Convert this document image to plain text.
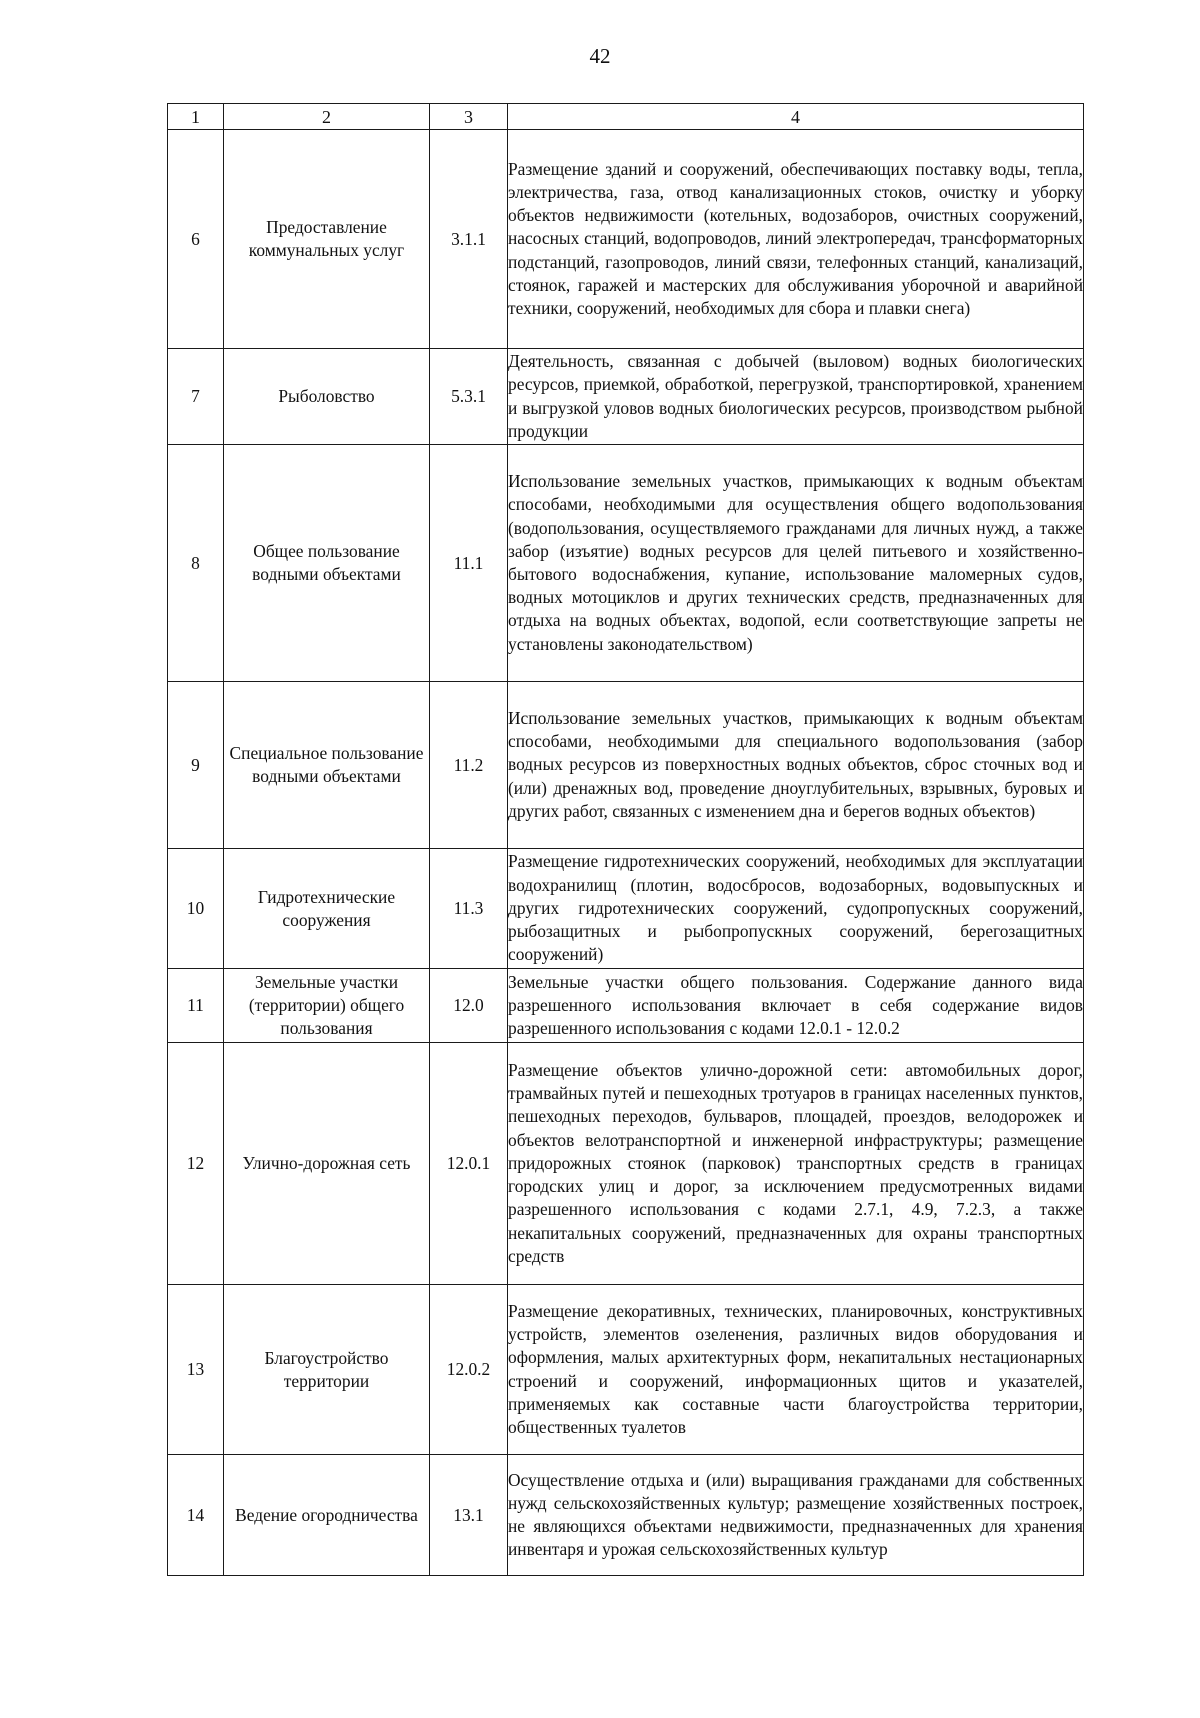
42
1	2	3	4
6	Предоставление коммунальных услуг	3.1.1	Размещение зданий и сооружений, обеспечивающих поставку воды, тепла, электричества, газа, отвод канализационных стоков, очистку и уборку объектов недвижимости (котельных, водозаборов, очистных сооружений, насосных станций, водопроводов, линий электропередач, трансформаторных подстанций, газопроводов, линий связи, телефонных станций, канализаций, стоянок, гаражей и мастерских для обслуживания уборочной и аварийной техники, сооружений, необходимых для сбора и плавки снега)

7	Рыболовство	5.3.1	Деятельность, связанная с добычей (выловом) водных биологических ресурсов, приемкой, обработкой, перегрузкой, транспортировкой, хранением и выгрузкой уловов водных биологических ресурсов, производством рыбной продукции

8	Общее пользование водными объектами	11.1	Использование земельных участков, примыкающих к водным объектам способами, необходимыми для осуществления общего водопользования (водопользования, осуществляемого гражданами для личных нужд, а также забор (изъятие) водных ресурсов для целей питьевого и хозяйственно-бытового водоснабжения, купание, использование маломерных судов, водных мотоциклов и других технических средств, предназначенных для отдыха на водных объектах, водопой, если соответствующие запреты не установлены законодательством)

9	Специальное пользование водными объектами	11.2	Использование земельных участков, примыкающих к водным объектам способами, необходимыми для специального водопользования (забор водных ресурсов из поверхностных водных объектов, сброс сточных вод и (или) дренажных вод, проведение дноуглубительных, взрывных, буровых и других работ, связанных с изменением дна и берегов водных объектов)

10	Гидротехнические сооружения	11.3	Размещение гидротехнических сооружений, необходимых для эксплуатации водохранилищ (плотин, водосбросов, водозаборных, водовыпускных и других гидротехнических сооружений, судопропускных сооружений, рыбозащитных и рыбопропускных сооружений, берегозащитных сооружений)

11	Земельные участки (территории) общего пользования	12.0	Земельные участки общего пользования. Содержание данного вида разрешенного использования включает в себя содержание видов разрешенного использования с кодами 12.0.1 - 12.0.2

12	Улично-дорожная сеть	12.0.1	Размещение объектов улично-дорожной сети: автомобильных дорог, трамвайных путей и пешеходных тротуаров в границах населенных пунктов, пешеходных переходов, бульваров, площадей, проездов, велодорожек и объектов велотранспортной и инженерной инфраструктуры; размещение придорожных стоянок (парковок) транспортных средств в границах городских улиц и дорог, за исключением предусмотренных видами разрешенного использования с кодами 2.7.1, 4.9, 7.2.3, а также некапитальных сооружений, предназначенных для охраны транспортных средств

13	Благоустройство территории	12.0.2	Размещение декоративных, технических, планировочных, конструктивных устройств, элементов озеленения, различных видов оборудования и оформления, малых архитектурных форм, некапитальных нестационарных строений и сооружений, информационных щитов и указателей, применяемых как составные части благоустройства территории, общественных туалетов

14	Ведение огородничества	13.1	Осуществление отдыха и (или) выращивания гражданами для собственных нужд сельскохозяйственных культур; размещение хозяйственных построек, не являющихся объектами недвижимости, предназначенных для хранения инвентаря и урожая сельскохозяйственных культур
